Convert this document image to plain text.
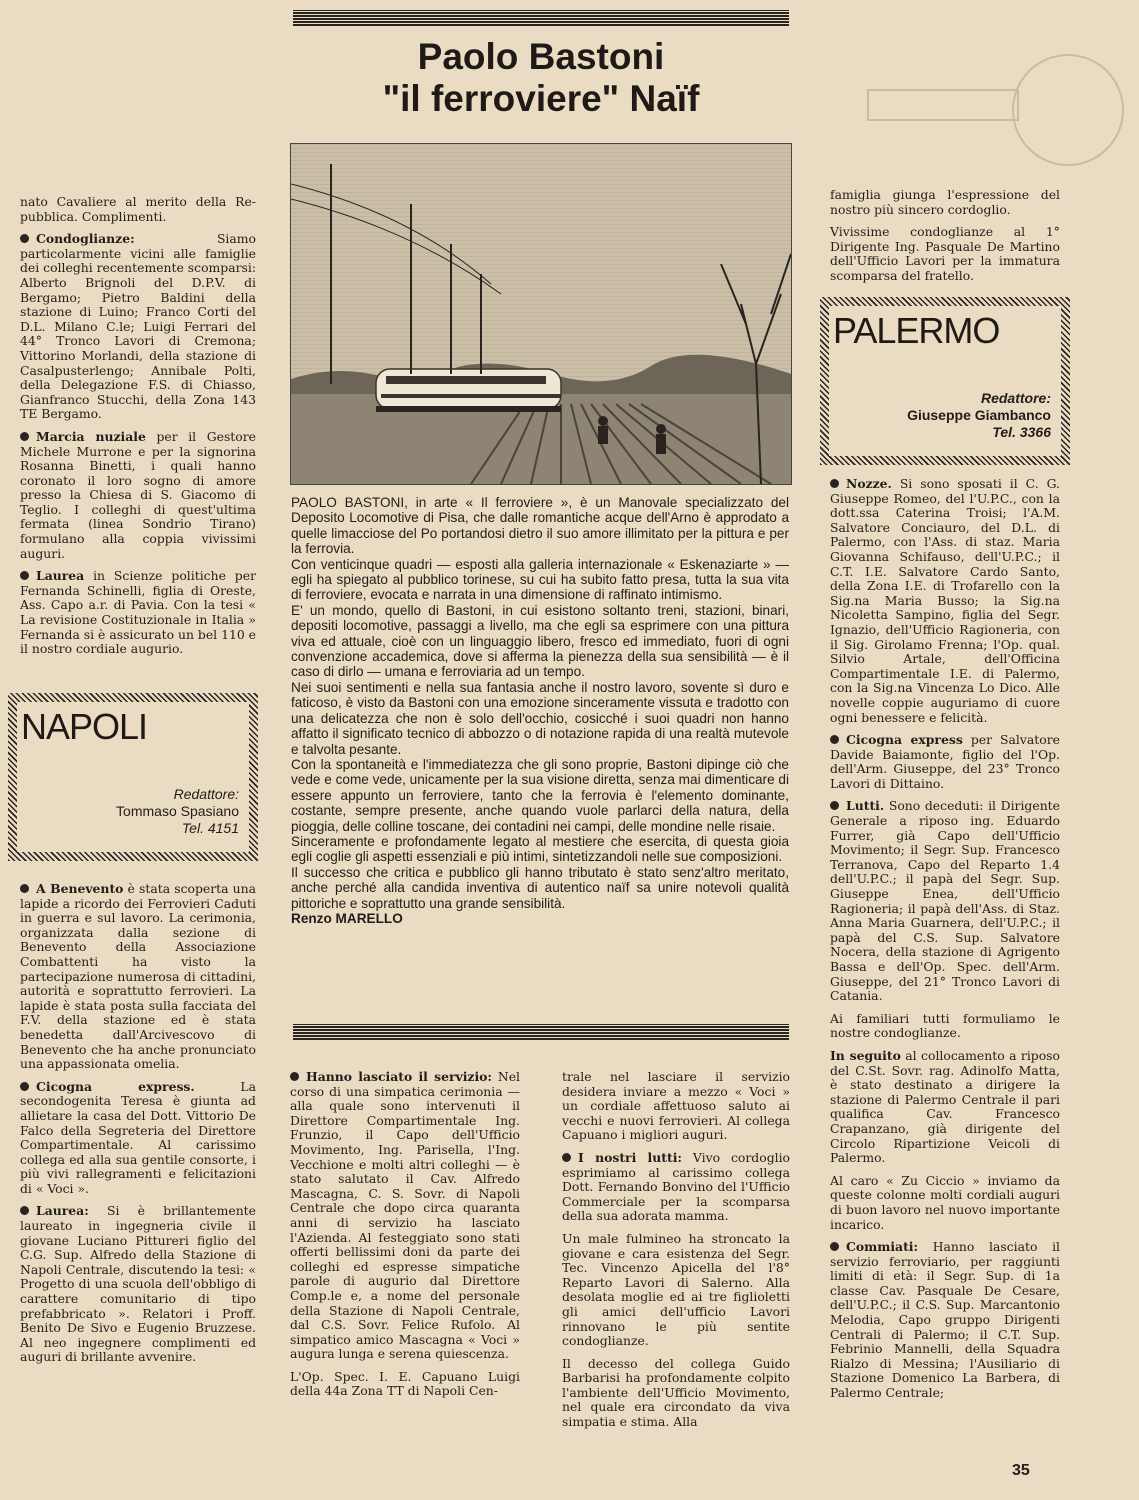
Paolo Bastoni
"il ferroviere" Naïf

nato Cavaliere al merito della Re-pubblica. Complimenti.

Condoglianze: Siamo particolarmente vicini alle famiglie dei colleghi recentemente scomparsi: Alberto Brignoli del D.P.V. di Bergamo; Pietro Baldini della stazione di Luino; Franco Corti del D.L. Milano C.le; Luigi Ferrari del 44° Tronco Lavori di Cremona; Vittorino Morlandi, della stazione di Casalpusterlengo; Annibale Polti, della Delegazione F.S. di Chiasso, Gianfranco Stucchi, della Zona 143 TE Bergamo.

Marcia nuziale per il Gestore Michele Murrone e per la signorina Rosanna Binetti, i quali hanno coronato il loro sogno di amore presso la Chiesa di S. Giacomo di Teglio. I colleghi di quest'ultima fermata (linea Sondrio Tirano) formulano alla coppia vivissimi auguri.

Laurea in Scienze politiche per Fernanda Schinelli, figlia di Oreste, Ass. Capo a.r. di Pavia. Con la tesi « La revisione Costituzionale in Italia » Fernanda si è assicurato un bel 110 e il nostro cordiale augurio.

NAPOLI
Redattore:
Tommaso Spasiano
Tel. 4151

A Benevento è stata scoperta una lapide a ricordo dei Ferrovieri Caduti in guerra e sul lavoro. La cerimonia, organizzata dalla sezione di Benevento della Associazione Combattenti ha visto la partecipazione numerosa di cittadini, autorità e soprattutto ferrovieri. La lapide è stata posta sulla facciata del F.V. della stazione ed è stata benedetta dall'Arcivescovo di Benevento che ha anche pronunciato una appassionata omelia.

Cicogna express. La secondogenita Teresa è giunta ad allietare la casa del Dott. Vittorio De Falco della Segreteria del Direttore Compartimentale. Al carissimo collega ed alla sua gentile consorte, i più vivi rallegramenti e felicitazioni di « Voci ».

Laurea: Si è brillantemente laureato in ingegneria civile il giovane Luciano Pittureri figlio del C.G. Sup. Alfredo della Stazione di Napoli Centrale, discutendo la tesi: « Progetto di una scuola dell'obbligo di carattere comunitario di tipo prefabbricato ». Relatori i Proff. Benito De Sivo e Eugenio Bruzzese. Al neo ingegnere complimenti ed auguri di brillante avvenire.

PAOLO BASTONI, in arte « Il ferroviere », è un Manovale specializzato del Deposito Locomotive di Pisa, che dalle romantiche acque dell'Arno è approdato a quelle limacciose del Po portandosi dietro il suo amore illimitato per la pittura e per la ferrovia.

Con venticinque quadri — esposti alla galleria internazionale « Eskenaziarte » — egli ha spiegato al pubblico torinese, su cui ha subito fatto presa, tutta la sua vita di ferroviere, evocata e narrata in una dimensione di raffinato intimismo.

E' un mondo, quello di Bastoni, in cui esistono soltanto treni, stazioni, binari, depositi locomotive, passaggi a livello, ma che egli sa esprimere con una pittura viva ed attuale, cioè con un linguaggio libero, fresco ed immediato, fuori di ogni convenzione accademica, dove si afferma la pienezza della sua sensibilità — è il caso di dirlo — umana e ferroviaria ad un tempo.

Nei suoi sentimenti e nella sua fantasia anche il nostro lavoro, sovente sì duro e faticoso, è visto da Bastoni con una emozione sinceramente vissuta e tradotto con una delicatezza che non è solo dell'occhio, cosicché i suoi quadri non hanno affatto il significato tecnico di abbozzo o di notazione rapida di una realtà mutevole e talvolta pesante.

Con la spontaneità e l'immediatezza che gli sono proprie, Bastoni dipinge ciò che vede e come vede, unicamente per la sua visione diretta, senza mai dimenticare di essere appunto un ferroviere, tanto che la ferrovia è l'elemento dominante, costante, sempre presente, anche quando vuole parlarci della natura, della pioggia, delle colline toscane, dei contadini nei campi, delle mondine nelle risaie.

Sinceramente e profondamente legato al mestiere che esercita, di questa gioia egli coglie gli aspetti essenziali e più intimi, sintetizzandoli nelle sue composizioni.

Il successo che critica e pubblico gli hanno tributato è stato senz'altro meritato, anche perché alla candida inventiva di autentico naïf sa unire notevoli qualità pittoriche e soprattutto una grande sensibilità.

Renzo MARELLO

Hanno lasciato il servizio: Nel corso di una simpatica cerimonia — alla quale sono intervenuti il Direttore Compartimentale Ing. Frunzio, il Capo dell'Ufficio Movimento, Ing. Parisella, l'Ing. Vecchione e molti altri colleghi — è stato salutato il Cav. Alfredo Mascagna, C. S. Sovr. di Napoli Centrale che dopo circa quaranta anni di servizio ha lasciato l'Azienda. Al festeggiato sono stati offerti bellissimi doni da parte dei colleghi ed espresse simpatiche parole di augurio dal Direttore Comp.le e, a nome del personale della Stazione di Napoli Centrale, dal C.S. Sovr. Felice Rufolo. Al simpatico amico Mascagna « Voci » augura lunga e serena quiescenza.

L'Op. Spec. I. E. Capuano Luigi della 44a Zona TT di Napoli Cen-

trale nel lasciare il servizio desidera inviare a mezzo « Voci » un cordiale affettuoso saluto ai vecchi e nuovi ferrovieri. Al collega Capuano i migliori auguri.

I nostri lutti: Vivo cordoglio esprimiamo al carissimo collega Dott. Fernando Bonvino del l'Ufficio Commerciale per la scomparsa della sua adorata mamma.

Un male fulmineo ha stroncato la giovane e cara esistenza del Segr. Tec. Vincenzo Apicella del l'8° Reparto Lavori di Salerno. Alla desolata moglie ed ai tre figlioletti gli amici dell'ufficio Lavori rinnovano le più sentite condoglianze.

Il decesso del collega Guido Barbarisi ha profondamente colpito l'ambiente dell'Ufficio Movimento, nel quale era circondato da viva simpatia e stima. Alla

famiglia giunga l'espressione del nostro più sincero cordoglio.

Vivissime condoglianze al 1° Dirigente Ing. Pasquale De Martino dell'Ufficio Lavori per la immatura scomparsa del fratello.

PALERMO
Redattore:
Giuseppe Giambanco
Tel. 3366

Nozze. Si sono sposati il C. G. Giuseppe Romeo, del l'U.P.C., con la dott.ssa Caterina Troisi; l'A.M. Salvatore Conciauro, del D.L. di Palermo, con l'Ass. di staz. Maria Giovanna Schifauso, dell'U.P.C.; il C.T. I.E. Salvatore Cardo Santo, della Zona I.E. di Trofarello con la Sig.na Maria Busso; la Sig.na Nicoletta Sampino, figlia del Segr. Ignazio, dell'Ufficio Ragioneria, con il Sig. Girolamo Frenna; l'Op. qual. Silvio Artale, dell'Officina Compartimentale I.E. di Palermo, con la Sig.na Vincenza Lo Dico. Alle novelle coppie auguriamo di cuore ogni benessere e felicità.

Cicogna express per Salvatore Davide Baiamonte, figlio del l'Op. dell'Arm. Giuseppe, del 23° Tronco Lavori di Dittaino.

Lutti. Sono deceduti: il Dirigente Generale a riposo ing. Eduardo Furrer, già Capo dell'Ufficio Movimento; il Segr. Sup. Francesco Terranova, Capo del Reparto 1.4 dell'U.P.C.; il papà del Segr. Sup. Giuseppe Enea, dell'Ufficio Ragioneria; il papà dell'Ass. di Staz. Anna Maria Guarnera, dell'U.P.C.; il papà del C.S. Sup. Salvatore Nocera, della stazione di Agrigento Bassa e dell'Op. Spec. dell'Arm. Giuseppe, del 21° Tronco Lavori di Catania.

Ai familiari tutti formuliamo le nostre condoglianze.

In seguito al collocamento a riposo del C.St. Sovr. rag. Adinolfo Matta, è stato destinato a dirigere la stazione di Palermo Centrale il pari qualifica Cav. Francesco Crapanzano, già dirigente del Circolo Ripartizione Veicoli di Palermo.

Al caro « Zu Ciccio » inviamo da queste colonne molti cordiali auguri di buon lavoro nel nuovo importante incarico.

Commiati: Hanno lasciato il servizio ferroviario, per raggiunti limiti di età: il Segr. Sup. di 1a classe Cav. Pasquale De Cesare, dell'U.P.C.; il C.S. Sup. Marcantonio Melodia, Capo gruppo Dirigenti Centrali di Palermo; il C.T. Sup. Febrinio Mannelli, della Squadra Rialzo di Messina; l'Ausiliario di Stazione Domenico La Barbera, di Palermo Centrale;

35
